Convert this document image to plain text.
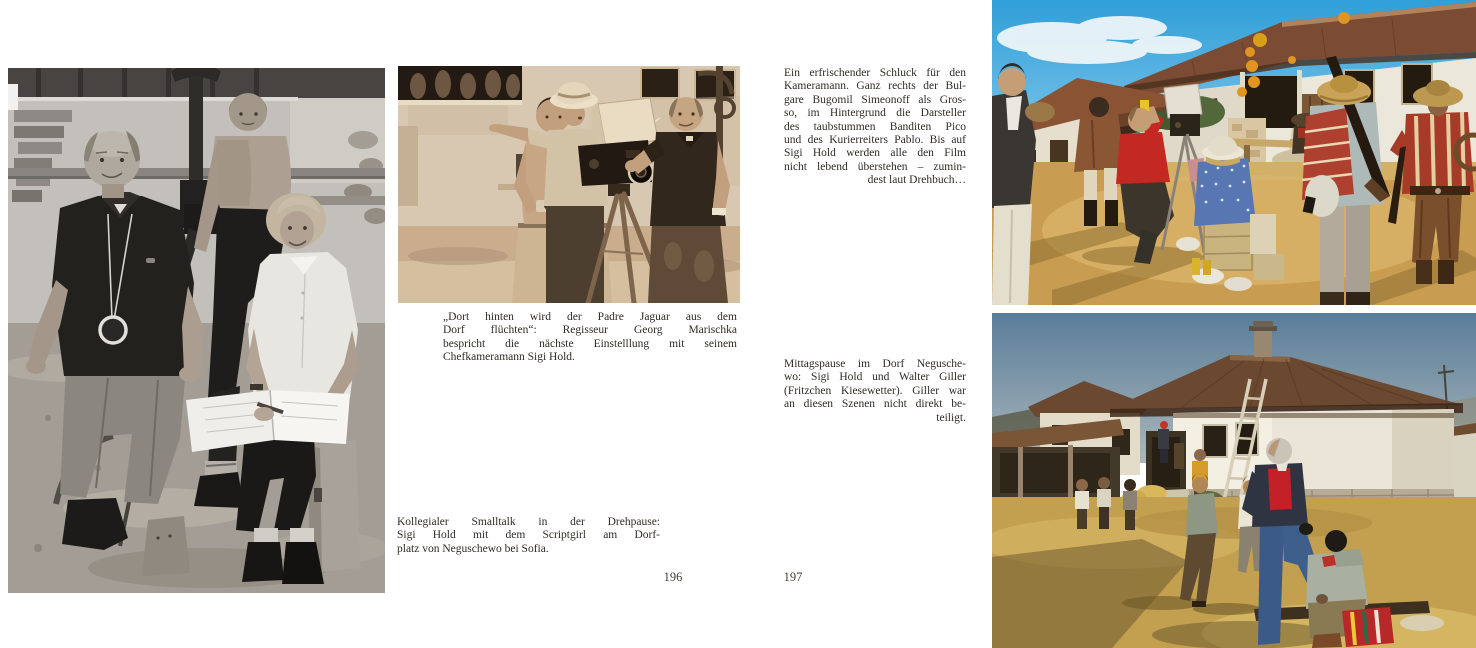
„Dort hinten wird der Padre Jaguar aus dem
Dorf flüchten“: Regisseur Georg Marischka
bespricht die nächste Einstelllung mit seinem
Chefkameramann Sigi Hold.
Kollegialer Smalltalk in der Drehpause:
Sigi Hold mit dem Scriptgirl am Dorf-
platz von Neguschewo bei Sofia.
196	197
Ein erfrischender Schluck für den
Kameramann. Ganz rechts der Bul-
gare Bugomil Simeonoff als Gros-
so, im Hintergrund die Darsteller
des taubstummen Banditen Pico
und des Kurierreiters Pablo. Bis auf
Sigi Hold werden alle den Film
nicht lebend überstehen – zumin-
dest laut Drehbuch…
Mittagspause im Dorf Negusche-
wo: Sigi Hold und Walter Giller
(Fritzchen Kiesewetter). Giller war
an diesen Szenen nicht direkt be-
teiligt.
